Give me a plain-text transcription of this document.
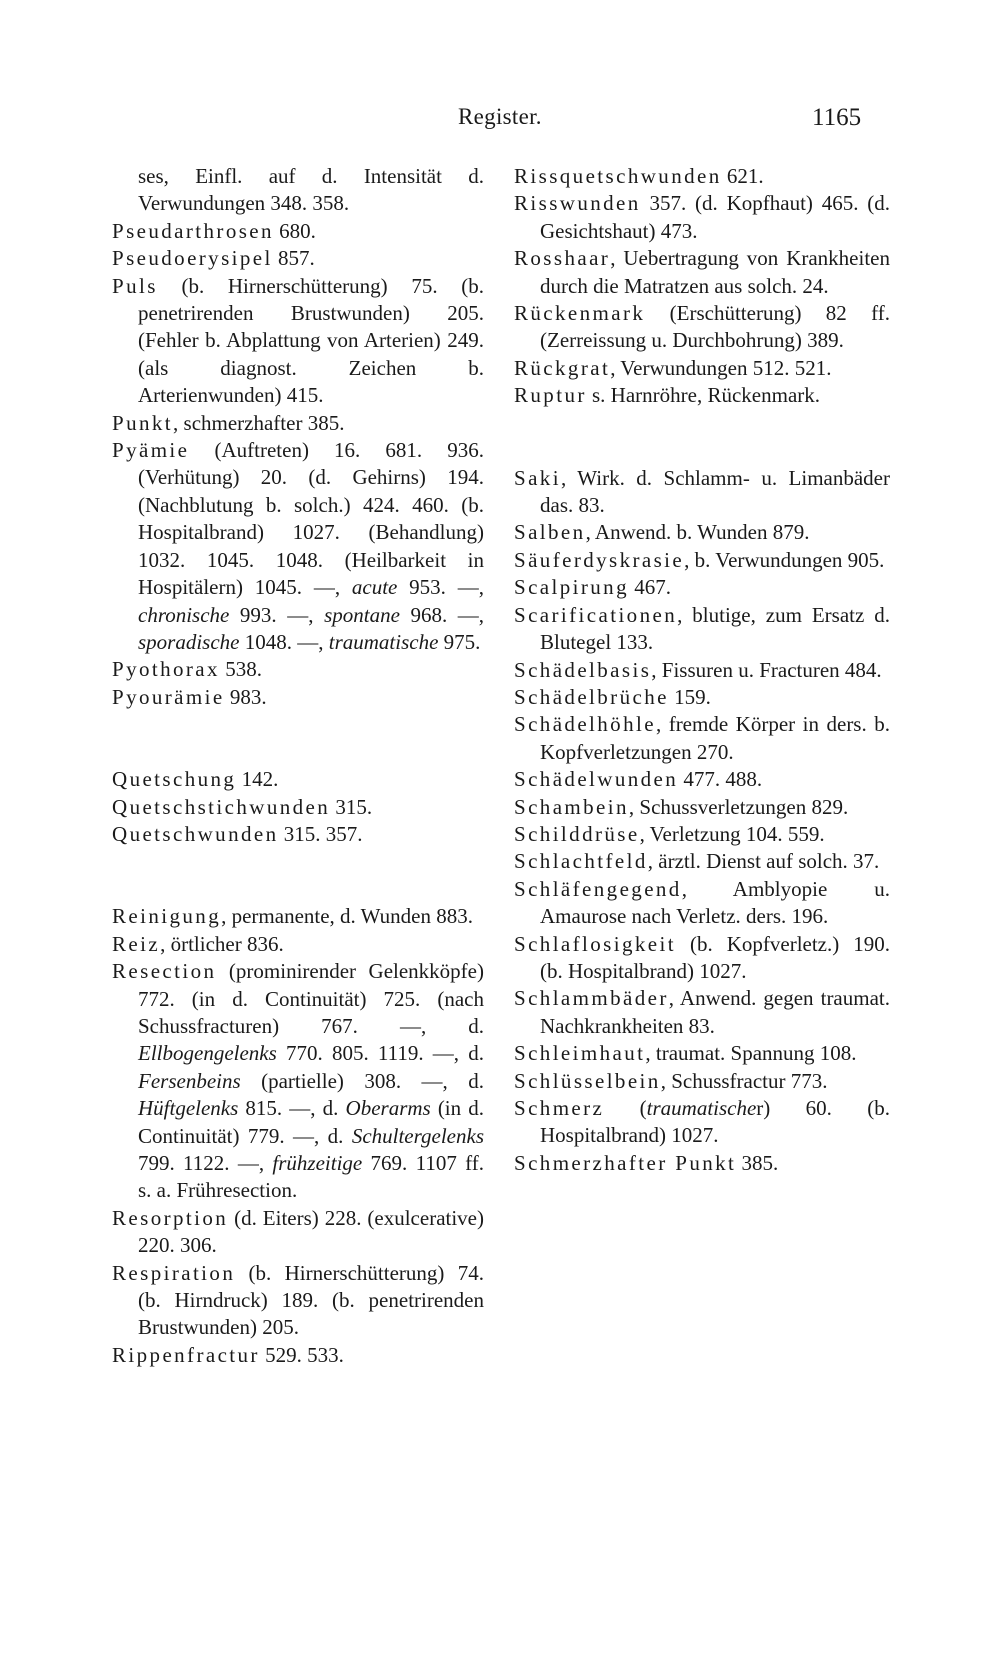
Register.	1165

ses, Einfl. auf d. Intensität d. Verwundungen 348. 358.

Pseudarthrosen 680.

Pseudoerysipel 857.

Puls (b. Hirnerschütterung) 75. (b. penetrirenden Brustwunden) 205. (Fehler b. Abplattung von Arterien) 249. (als diagnost. Zeichen b. Arterienwunden) 415.

Punkt, schmerzhafter 385.

Pyämie (Auftreten) 16. 681. 936. (Verhütung) 20. (d. Gehirns) 194. (Nachblutung b. solch.) 424. 460. (b. Hospitalbrand) 1027. (Behandlung) 1032. 1045. 1048. (Heilbarkeit in Hospitälern) 1045. —, acute 953. —, chronische 993. —, spontane 968. —, sporadische 1048. —, traumatische 975.

Pyothorax 538.

Pyourämie 983.

Quetschung 142.

Quetschstichwunden 315.

Quetschwunden 315. 357.

Reinigung, permanente, d. Wunden 883.

Reiz, örtlicher 836.

Resection (prominirender Gelenkköpfe) 772. (in d. Continuität) 725. (nach Schussfracturen) 767. —, d. Ellbogengelenks 770. 805. 1119. —, d. Fersenbeins (partielle) 308. —, d. Hüftgelenks 815. —, d. Oberarms (in d. Continuität) 779. —, d. Schultergelenks 799. 1122. —, frühzeitige 769. 1107 ff. s. a. Frühresection.

Resorption (d. Eiters) 228. (exulcerative) 220. 306.

Respiration (b. Hirnerschütterung) 74. (b. Hirndruck) 189. (b. penetrirenden Brustwunden) 205.

Rippenfractur 529. 533.

Rissquetschwunden 621.

Risswunden 357. (d. Kopfhaut) 465. (d. Gesichtshaut) 473.

Rosshaar, Uebertragung von Krankheiten durch die Matratzen aus solch. 24.

Rückenmark (Erschütterung) 82 ff. (Zerreissung u. Durchbohrung) 389.

Rückgrat, Verwundungen 512. 521.

Ruptur s. Harnröhre, Rückenmark.

Saki, Wirk. d. Schlamm- u. Limanbäder das. 83.

Salben, Anwend. b. Wunden 879.

Säuferdyskrasie, b. Verwundungen 905.

Scalpirung 467.

Scarificationen, blutige, zum Ersatz d. Blutegel 133.

Schädelbasis, Fissuren u. Fracturen 484.

Schädelbrüche 159.

Schädelhöhle, fremde Körper in ders. b. Kopfverletzungen 270.

Schädelwunden 477. 488.

Schambein, Schussverletzungen 829.

Schilddrüse, Verletzung 104. 559.

Schlachtfeld, ärztl. Dienst auf solch. 37.

Schläfengegend, Amblyopie u. Amaurose nach Verletz. ders. 196.

Schlaflosigkeit (b. Kopfverletz.) 190. (b. Hospitalbrand) 1027.

Schlammbäder, Anwend. gegen traumat. Nachkrankheiten 83.

Schleimhaut, traumat. Spannung 108.

Schlüsselbein, Schussfractur 773.

Schmerz (traumatischer) 60. (b. Hospitalbrand) 1027.

Schmerzhafter Punkt 385.
